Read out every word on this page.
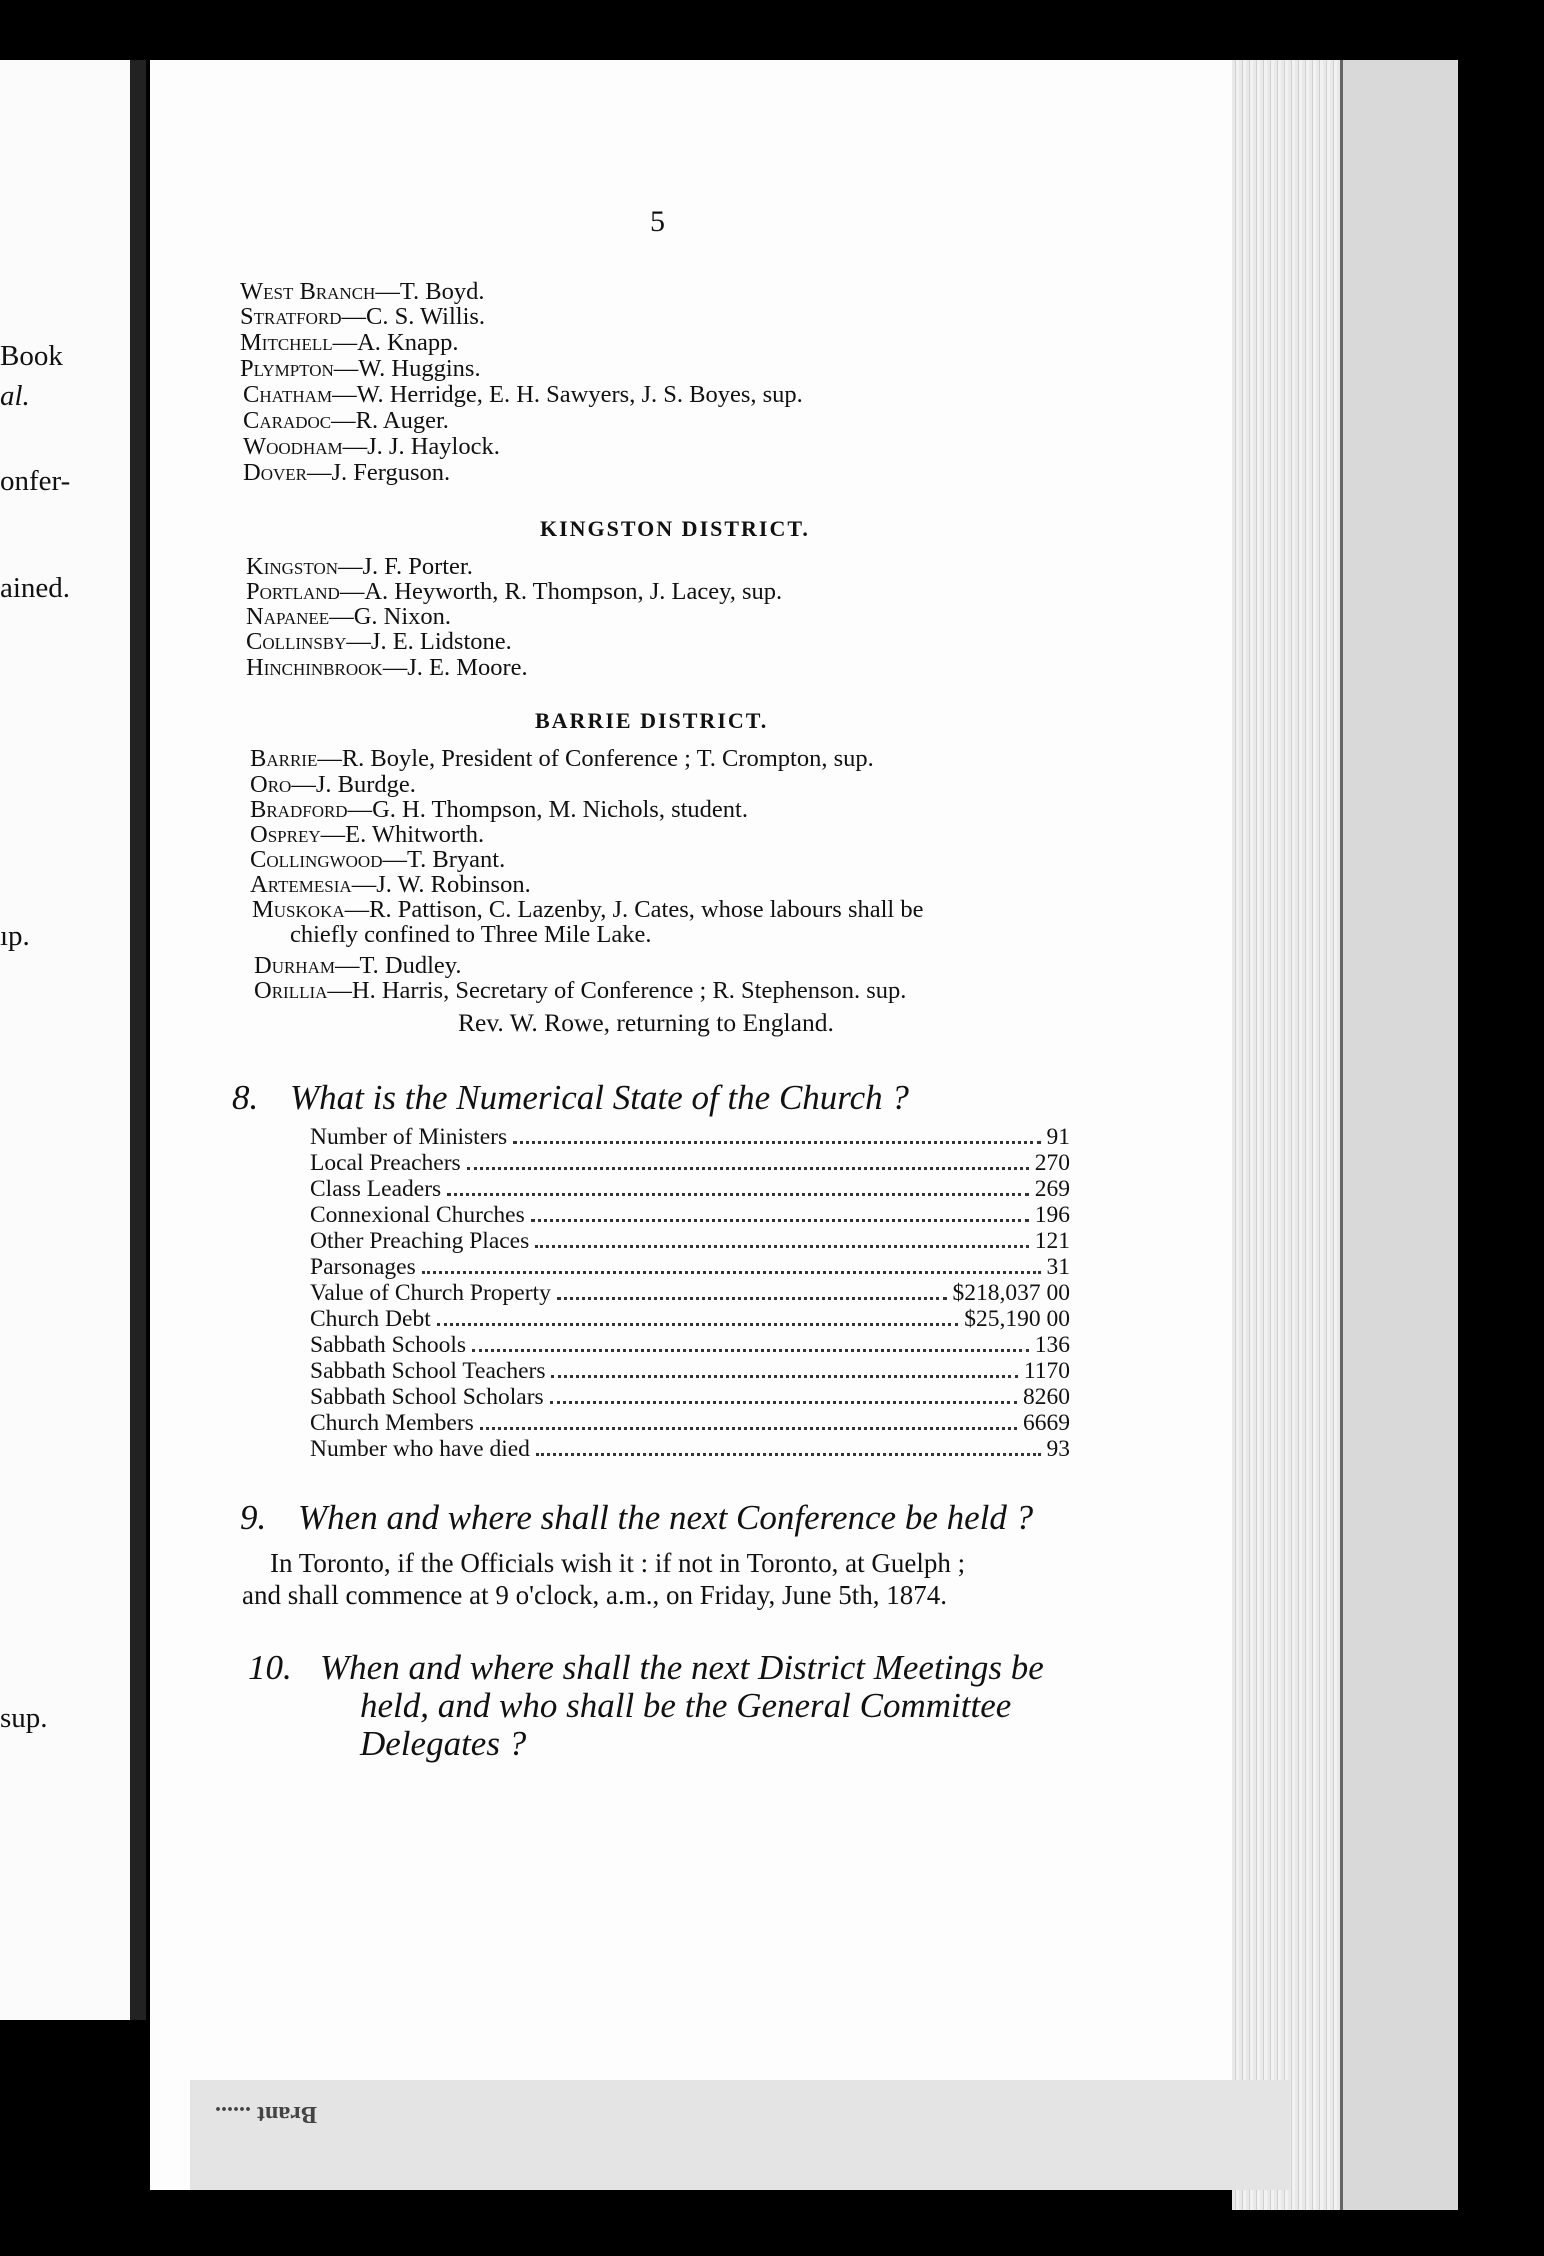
Brant ......
Book
al.
onfer-
ained.
ıp.
sup.
5
West Branch—T. Boyd.
Stratford—C. S. Willis.
Mitchell—A. Knapp.
Plympton—W. Huggins.
Chatham—W. Herridge, E. H. Sawyers, J. S. Boyes, sup.
Caradoc—R. Auger.
Woodham—J. J. Haylock.
Dover—J. Ferguson.
KINGSTON DISTRICT.
Kingston—J. F. Porter.
Portland—A. Heyworth, R. Thompson, J. Lacey, sup.
Napanee—G. Nixon.
Collinsby—J. E. Lidstone.
Hinchinbrook—J. E. Moore.
BARRIE DISTRICT.
Barrie—R. Boyle, President of Conference ; T. Crompton, sup.
Oro—J. Burdge.
Bradford—G. H. Thompson, M. Nichols, student.
Osprey—E. Whitworth.
Collingwood—T. Bryant.
Artemesia—J. W. Robinson.
Muskoka—R. Pattison, C. Lazenby, J. Cates, whose labours shall be
chiefly confined to Three Mile Lake.
Durham—T. Dudley.
Orillia—H. Harris, Secretary of Conference ; R. Stephenson. sup.
Rev. W. Rowe, returning to England.
8. What is the Numerical State of the Church ?
Number of Ministers	91
Local Preachers	270
Class Leaders	269
Connexional Churches	196
Other Preaching Places	121
Parsonages	31
Value of Church Property	$218,037 00
Church Debt	$25,190 00
Sabbath Schools	136
Sabbath School Teachers	1170
Sabbath School Scholars	8260
Church Members	6669
Number who have died	93
9. When and where shall the next Conference be held ?
In Toronto, if the Officials wish it : if not in Toronto, at Guelph ;
and shall commence at 9 o'clock, a.m., on Friday, June 5th, 1874.
10. When and where shall the next District Meetings be
held, and who shall be the General Committee
Delegates ?
